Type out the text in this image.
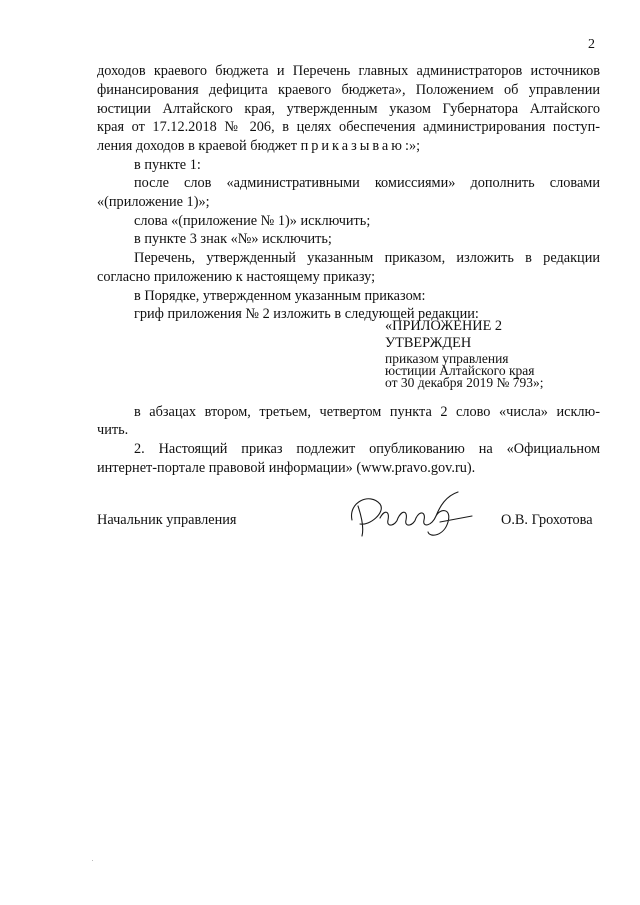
2
доходов краевого бюджета и Перечень главных администраторов источников
финансирования дефицита краевого бюджета», Положением об управлении
юстиции Алтайского края, утвержденным указом Губернатора Алтайского
края от 17.12.2018 № 206, в целях обеспечения администрирования поступ-
ления доходов в краевой бюджет приказываю:»;
в пункте 1:
после слов «административными комиссиями» дополнить словами
«(приложение 1)»;
слова «(приложение № 1)» исключить;
в пункте 3 знак «№» исключить;
Перечень, утвержденный указанным приказом, изложить в редакции
согласно приложению к настоящему приказу;
в Порядке, утвержденном указанным приказом:
гриф приложения № 2 изложить в следующей редакции:
«ПРИЛОЖЕНИЕ 2
УТВЕРЖДЕН
приказом управления
юстиции Алтайского края
от 30 декабря 2019 № 793»;
в абзацах втором, третьем, четвертом пункта 2 слово «числа» исклю-
чить.
2. Настоящий приказ подлежит опубликованию на «Официальном
интернет-портале правовой информации» (www.pravo.gov.ru).
Начальник управления	О.В. Грохотова
